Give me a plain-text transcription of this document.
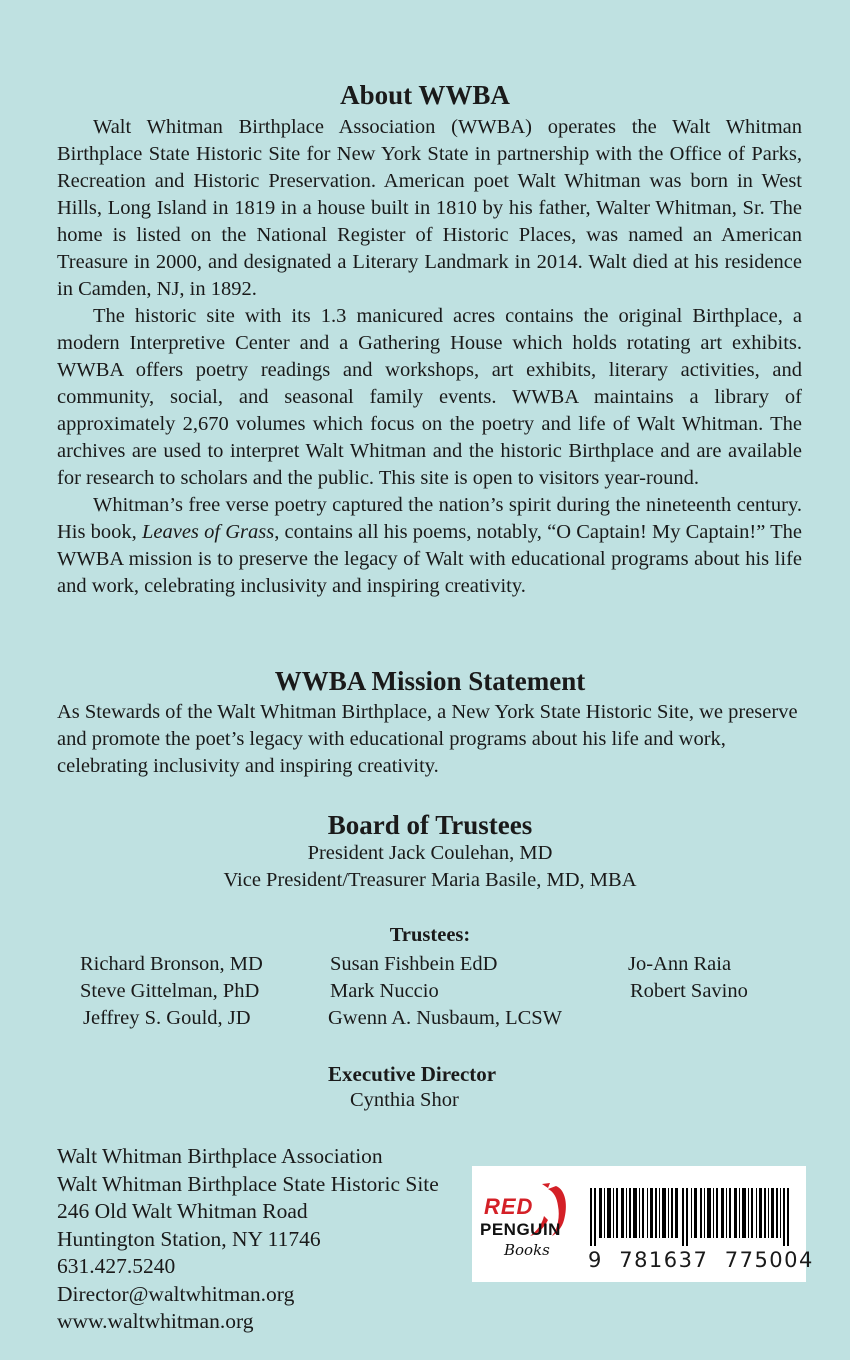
About WWBA

Walt Whitman Birthplace Association (WWBA) operates the Walt Whitman Birthplace State Historic Site for New York State in partnership with the Office of Parks, Recreation and Historic Preservation. American poet Walt Whitman was born in West Hills, Long Island in 1819 in a house built in 1810 by his father, Walter Whitman, Sr. The home is listed on the National Register of Historic Places, was named an American Treasure in 2000, and designated a Literary Landmark in 2014. Walt died at his residence in Camden, NJ, in 1892.

The historic site with its 1.3 manicured acres contains the original Birthplace, a modern Interpretive Center and a Gathering House which holds rotating art exhibits. WWBA offers poetry readings and workshops, art exhibits, literary activities, and community, social, and seasonal family events. WWBA maintains a library of approximately 2,670 volumes which focus on the poetry and life of Walt Whitman. The archives are used to interpret Walt Whitman and the historic Birthplace and are available for research to scholars and the public. This site is open to visitors year-round.

Whitman’s free verse poetry captured the nation’s spirit during the nineteenth century. His book, Leaves of Grass, contains all his poems, notably, “O Captain! My Captain!” The WWBA mission is to preserve the legacy of Walt with educational programs about his life and work, celebrating inclusivity and inspiring creativity.

WWBA Mission Statement

As Stewards of the Walt Whitman Birthplace, a New York State Historic Site, we preserve and promote the poet’s legacy with educational programs about his life and work, celebrating inclusivity and inspiring creativity.

Board of Trustees
President Jack Coulehan, MD
Vice President/Treasurer Maria Basile, MD, MBA
Trustees:
Richard Bronson, MD
Steve Gittelman, PhD
Jeffrey S. Gould, JD
Susan Fishbein EdD
Mark Nuccio
Gwenn A. Nusbaum, LCSW
Jo-Ann Raia
Robert Savino
Executive Director
Cynthia Shor
Walt Whitman Birthplace Association
Walt Whitman Birthplace State Historic Site
246 Old Walt Whitman Road
Huntington Station, NY 11746
631.427.5240
Director@waltwhitman.org
www.waltwhitman.org
RED
PENGUIN
Books 9  781637  775004
